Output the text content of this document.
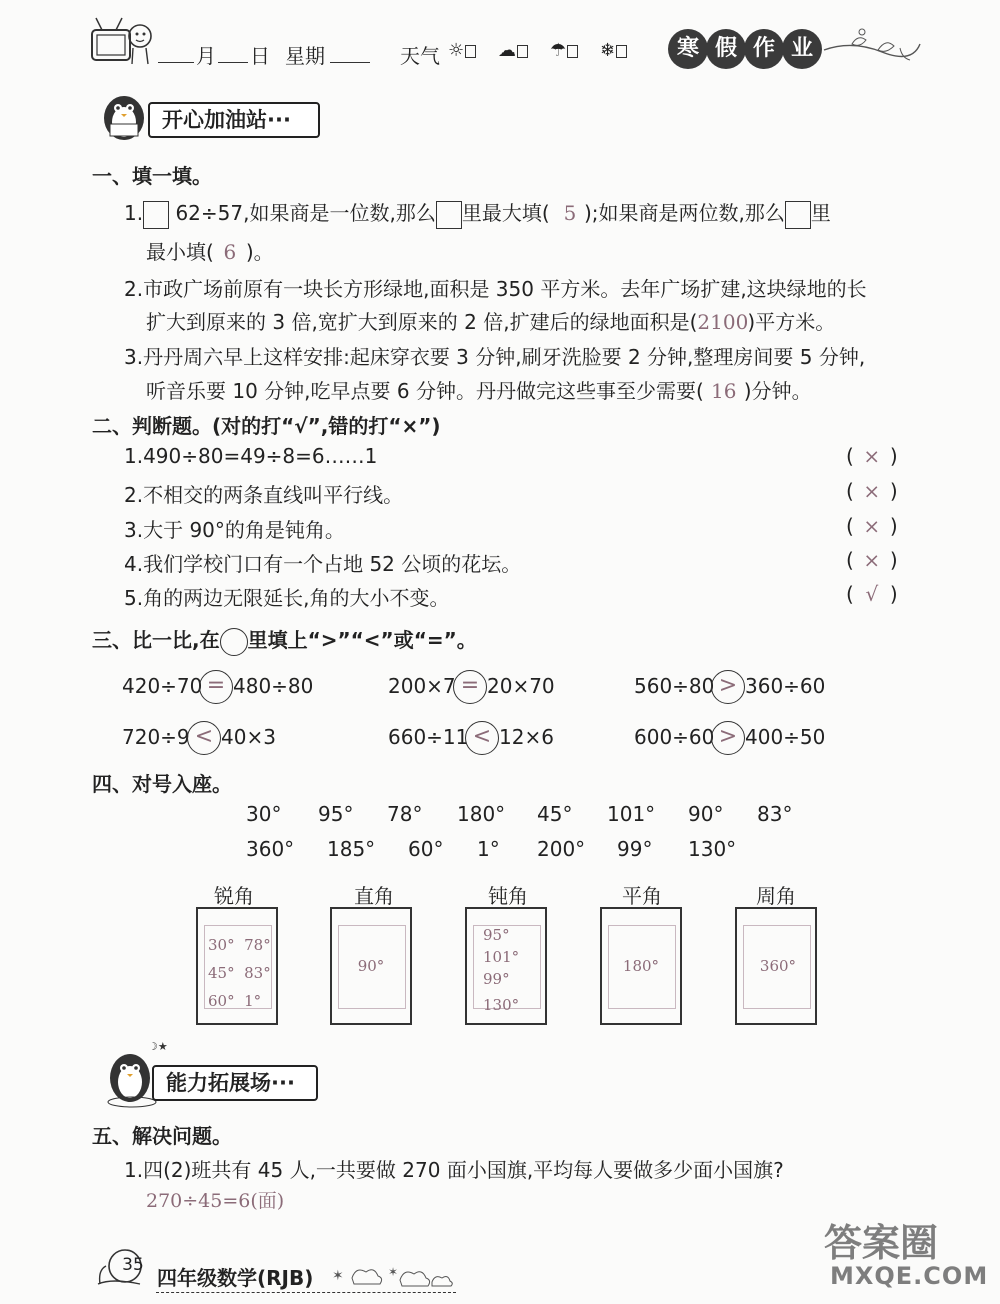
月 日 星期	天气 ☼	☁	☂	❄	寒 假 作 业
开心加油站···
一、填一填。
1. 62÷57,如果商是一位数,那么 里最大填( 5 );如果商是两位数,那么 里
最小填( 6 )。
2.市政广场前原有一块长方形绿地,面积是 350 平方米。去年广场扩建,这块绿地的长
扩大到原来的 3 倍,宽扩大到原来的 2 倍,扩建后的绿地面积是(2100)平方米。
3.丹丹周六早上这样安排:起床穿衣要 3 分钟,刷牙洗脸要 2 分钟,整理房间要 5 分钟,
听音乐要 10 分钟,吃早点要 6 分钟。丹丹做完这些事至少需要( 16 )分钟。
二、判断题。(对的打“√”,错的打“×”)
1.490÷80=49÷8=6……1	( × )
2.不相交的两条直线叫平行线。	( × )
3.大于 90°的角是钝角。	( × )
4.我们学校门口有一个占地 52 公顷的花坛。	( × )
5.角的两边无限延长,角的大小不变。	( √ )
三、比一比,在 里填上“>”“<”或“=”。
420÷70 = 480÷80	200×7 = 20×70	560÷80 > 360÷60
720÷9 < 40×3	660÷11 < 12×6	600÷60 > 400÷50
四、对号入座。
30° 95° 78° 180° 45° 101° 90° 83°
360° 185° 60° 1° 200° 99° 130°
锐角	直角	钝角	平角	周角
30°  78°
45°  83°
60°  1°
90°
95°
101°
99°
130°
180°	360°
☽★
能力拓展场···
五、解决问题。
1.四(2)班共有 45 人,一共要做 270 面小国旗,平均每人要做多少面小国旗?
270÷45=6(面)
35
四年级数学(RJB) ✶	✶
答案圈
MXQE.COM
